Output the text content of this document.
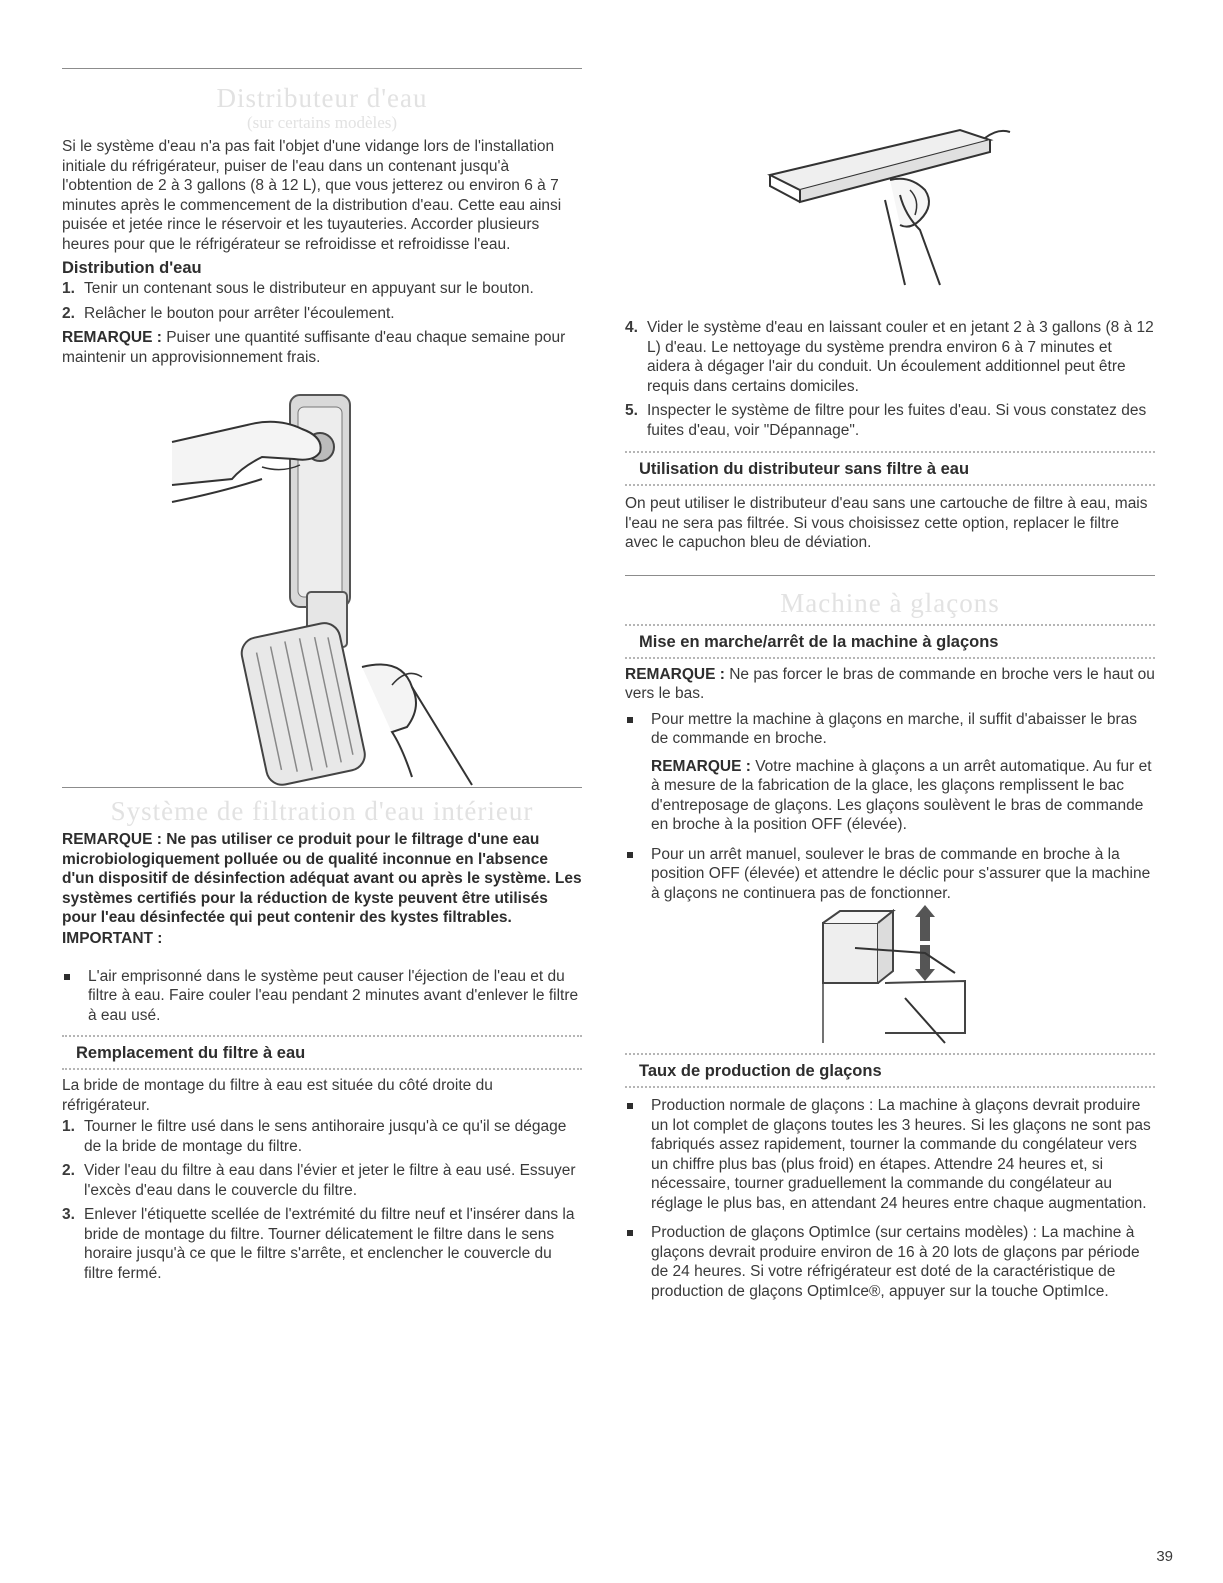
Distributeur d'eau
(sur certains modèles)

Si le système d'eau n'a pas fait l'objet d'une vidange lors de l'installation initiale du réfrigérateur, puiser de l'eau dans un contenant jusqu'à l'obtention de 2 à 3 gallons (8 à 12 L), que vous jetterez ou environ 6 à 7 minutes après le commencement de la distribution d'eau. Cette eau ainsi puisée et jetée rince le réservoir et les tuyauteries. Accorder plusieurs heures pour que le réfrigérateur se refroidisse et refroidisse l'eau.

Distribution d'eau
1. Tenir un contenant sous le distributeur en appuyant sur le bouton.
2. Relâcher le bouton pour arrêter l'écoulement.

REMARQUE : Puiser une quantité suffisante d'eau chaque semaine pour maintenir un approvisionnement frais.

Système de filtration d'eau intérieur

REMARQUE : Ne pas utiliser ce produit pour le filtrage d'une eau microbiologiquement polluée ou de qualité inconnue en l'absence d'un dispositif de désinfection adéquat avant ou après le système. Les systèmes certifiés pour la réduction de kyste peuvent être utilisés pour l'eau désinfectée qui peut contenir des kystes filtrables.

IMPORTANT :
L'air emprisonné dans le système peut causer l'éjection de l'eau et du filtre à eau. Faire couler l'eau pendant 2 minutes avant d'enlever le filtre à eau usé.
Remplacement du filtre à eau

La bride de montage du filtre à eau est située du côté droite du réfrigérateur.

1. Tourner le filtre usé dans le sens antihoraire jusqu'à ce qu'il se dégage de la bride de montage du filtre.
2. Vider l'eau du filtre à eau dans l'évier et jeter le filtre à eau usé. Essuyer l'excès d'eau dans le couvercle du filtre.
3. Enlever l'étiquette scellée de l'extrémité du filtre neuf et l'insérer dans la bride de montage du filtre. Tourner délicatement le filtre dans le sens horaire jusqu'à ce que le filtre s'arrête, et enclencher le couvercle du filtre fermé.
4. Vider le système d'eau en laissant couler et en jetant 2 à 3 gallons (8 à 12 L) d'eau. Le nettoyage du système prendra environ 6 à 7 minutes et aidera à dégager l'air du conduit. Un écoulement additionnel peut être requis dans certains domiciles.
5. Inspecter le système de filtre pour les fuites d'eau. Si vous constatez des fuites d'eau, voir "Dépannage".
Utilisation du distributeur sans filtre à eau

On peut utiliser le distributeur d'eau sans une cartouche de filtre à eau, mais l'eau ne sera pas filtrée. Si vous choisissez cette option, replacer le filtre avec le capuchon bleu de déviation.

Machine à glaçons
Mise en marche/arrêt de la machine à glaçons

REMARQUE : Ne pas forcer le bras de commande en broche vers le haut ou vers le bas.

Pour mettre la machine à glaçons en marche, il suffit d'abaisser le bras de commande en broche.

REMARQUE : Votre machine à glaçons a un arrêt automatique. Au fur et à mesure de la fabrication de la glace, les glaçons remplissent le bac d'entreposage de glaçons. Les glaçons soulèvent le bras de commande en broche à la position OFF (élevée).

Pour un arrêt manuel, soulever le bras de commande en broche à la position OFF (élevée) et attendre le déclic pour s'assurer que la machine à glaçons ne continuera pas de fonctionner.
Taux de production de glaçons
Production normale de glaçons : La machine à glaçons devrait produire un lot complet de glaçons toutes les 3 heures. Si les glaçons ne sont pas fabriqués assez rapidement, tourner la commande du congélateur vers un chiffre plus bas (plus froid) en étapes. Attendre 24 heures et, si nécessaire, tourner graduellement la commande du congélateur au réglage le plus bas, en attendant 24 heures entre chaque augmentation.
Production de glaçons OptimIce (sur certains modèles) : La machine à glaçons devrait produire environ de 16 à 20 lots de glaçons par période de 24 heures. Si votre réfrigérateur est doté de la caractéristique de production de glaçons OptimIce®, appuyer sur la touche OptimIce.
39
